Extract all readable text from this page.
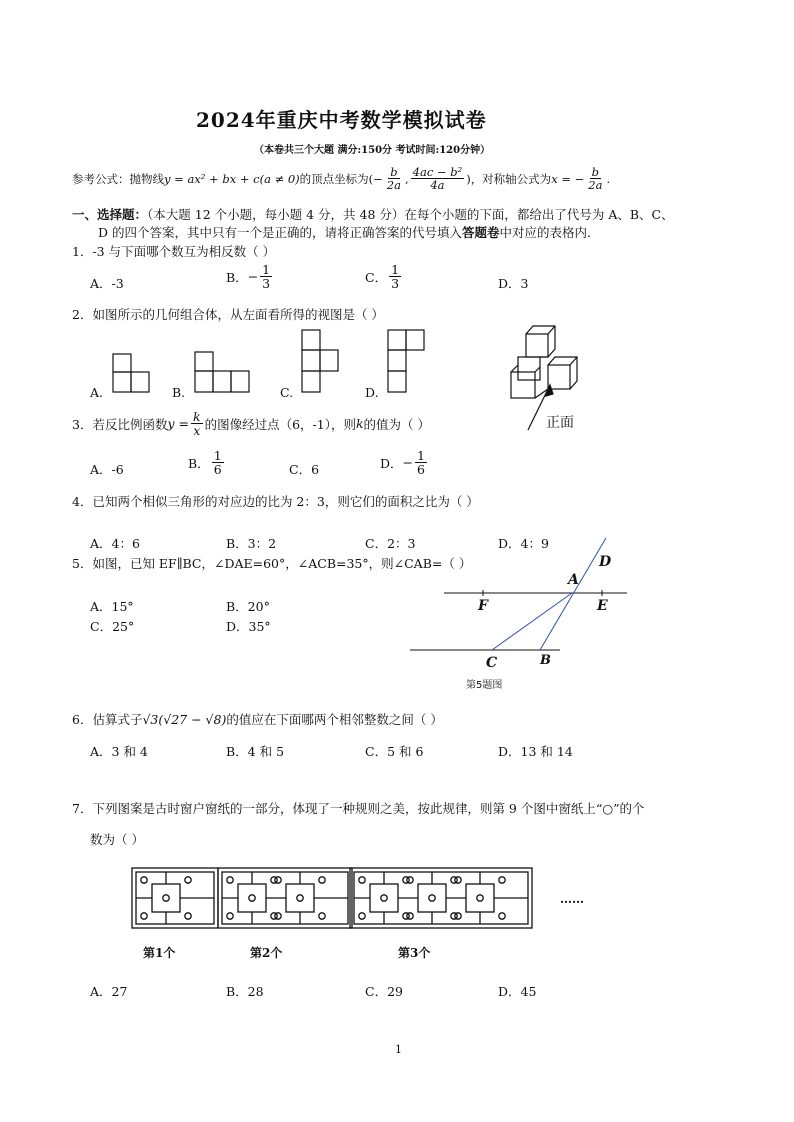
2024年重庆中考数学模拟试卷
（本卷共三个大题 满分:150分 考试时间:120分钟）
参考公式：抛物线 y = ax² + bx + c(a ≠ 0) 的顶点坐标为 (− $\frac{b}{2a}$ , $\frac{\text{4ac − b²}}{4a}$ ) ，对称轴公式为 x = − $\frac{b}{2a}$ .
一、选择题：（本大题 12 个小题，每小题 4 分，共 48 分）在每个小题的下面，都给出了代号为 A、B、C、
D 的四个答案，其中只有一个是正确的，请将正确答案的代号填入答题卷中对应的表格内.
1．-3 与下面哪个数互为相反数（ ）
A．-3	B． − $\frac{1}{3}$	C． $\frac{1}{3}$	D．3
2．如图所示的几何组合体，从左面看所得的视图是（ ）
A.	B.	C.	D.
正面
3．若反比例函数 $y = \frac{k}{x}$ 的图像经过点（6，-1），则 k 的值为（ ）
A．-6	B． $\frac{1}{6}$	C．6	D． − $\frac{1}{6}$
4．已知两个相似三角形的对应边的比为 2：3，则它们的面积之比为（ ）
A．4：6	B．3：2	C．2：3	D．4：9
5．如图，已知 EF∥BC，∠DAE=60°，∠ACB=35°，则∠CAB=（ ）
A．15°	B．20°
C．25°	D．35°
A
D
F	E
C	B
第5题图
6．估算式子√3(√27 − √8)的值应在下面哪两个相邻整数之间（ ）
A．3 和 4	B．4 和 5	C．5 和 6	D．13 和 14
7．下列图案是古时窗户窗纸的一部分，体现了一种规则之美，按此规律，则第 9 个图中窗纸上“○”的个
数为（ ）
第1个	第2个	第3个
……
A．27	B．28	C．29	D．45
1
